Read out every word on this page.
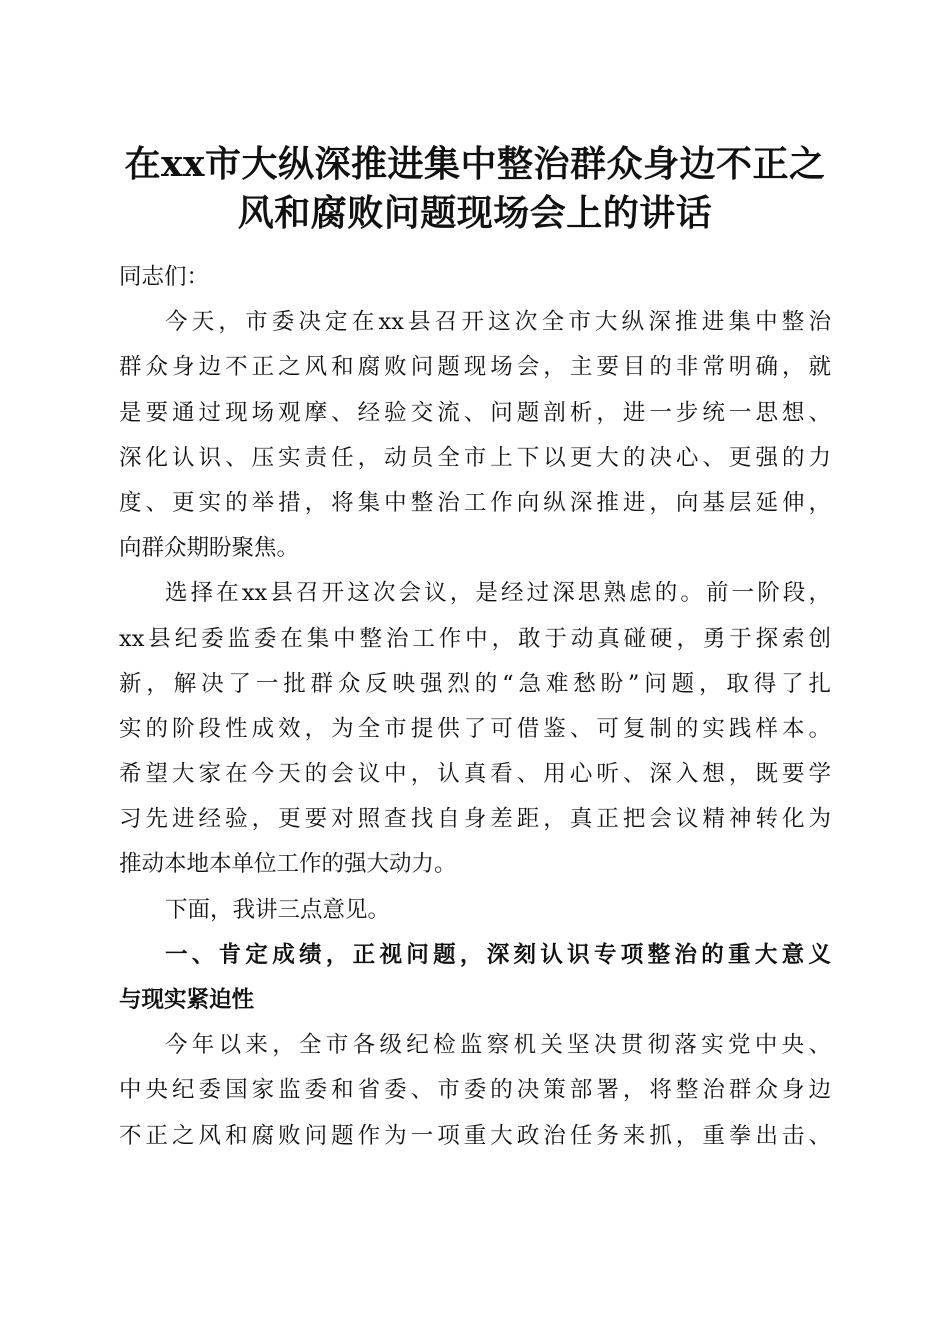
在xx市大纵深推进集中整治群众身边不正之
风和腐败问题现场会上的讲话
同志们：
今天，市委决定在xx县召开这次全市大纵深推进集中整治
群众身边不正之风和腐败问题现场会，主要目的非常明确，就
是要通过现场观摩、经验交流、问题剖析，进一步统一思想、
深化认识、压实责任，动员全市上下以更大的决心、更强的力
度、更实的举措，将集中整治工作向纵深推进，向基层延伸，
向群众期盼聚焦。
选择在xx县召开这次会议，是经过深思熟虑的。前一阶段，
xx县纪委监委在集中整治工作中，敢于动真碰硬，勇于探索创
新，解决了一批群众反映强烈的“急难愁盼”问题，取得了扎
实的阶段性成效，为全市提供了可借鉴、可复制的实践样本。
希望大家在今天的会议中，认真看、用心听、深入想，既要学
习先进经验，更要对照查找自身差距，真正把会议精神转化为
推动本地本单位工作的强大动力。
下面，我讲三点意见。
一、肯定成绩，正视问题，深刻认识专项整治的重大意义
与现实紧迫性
今年以来，全市各级纪检监察机关坚决贯彻落实党中央、
中央纪委国家监委和省委、市委的决策部署，将整治群众身边
不正之风和腐败问题作为一项重大政治任务来抓，重拳出击、
